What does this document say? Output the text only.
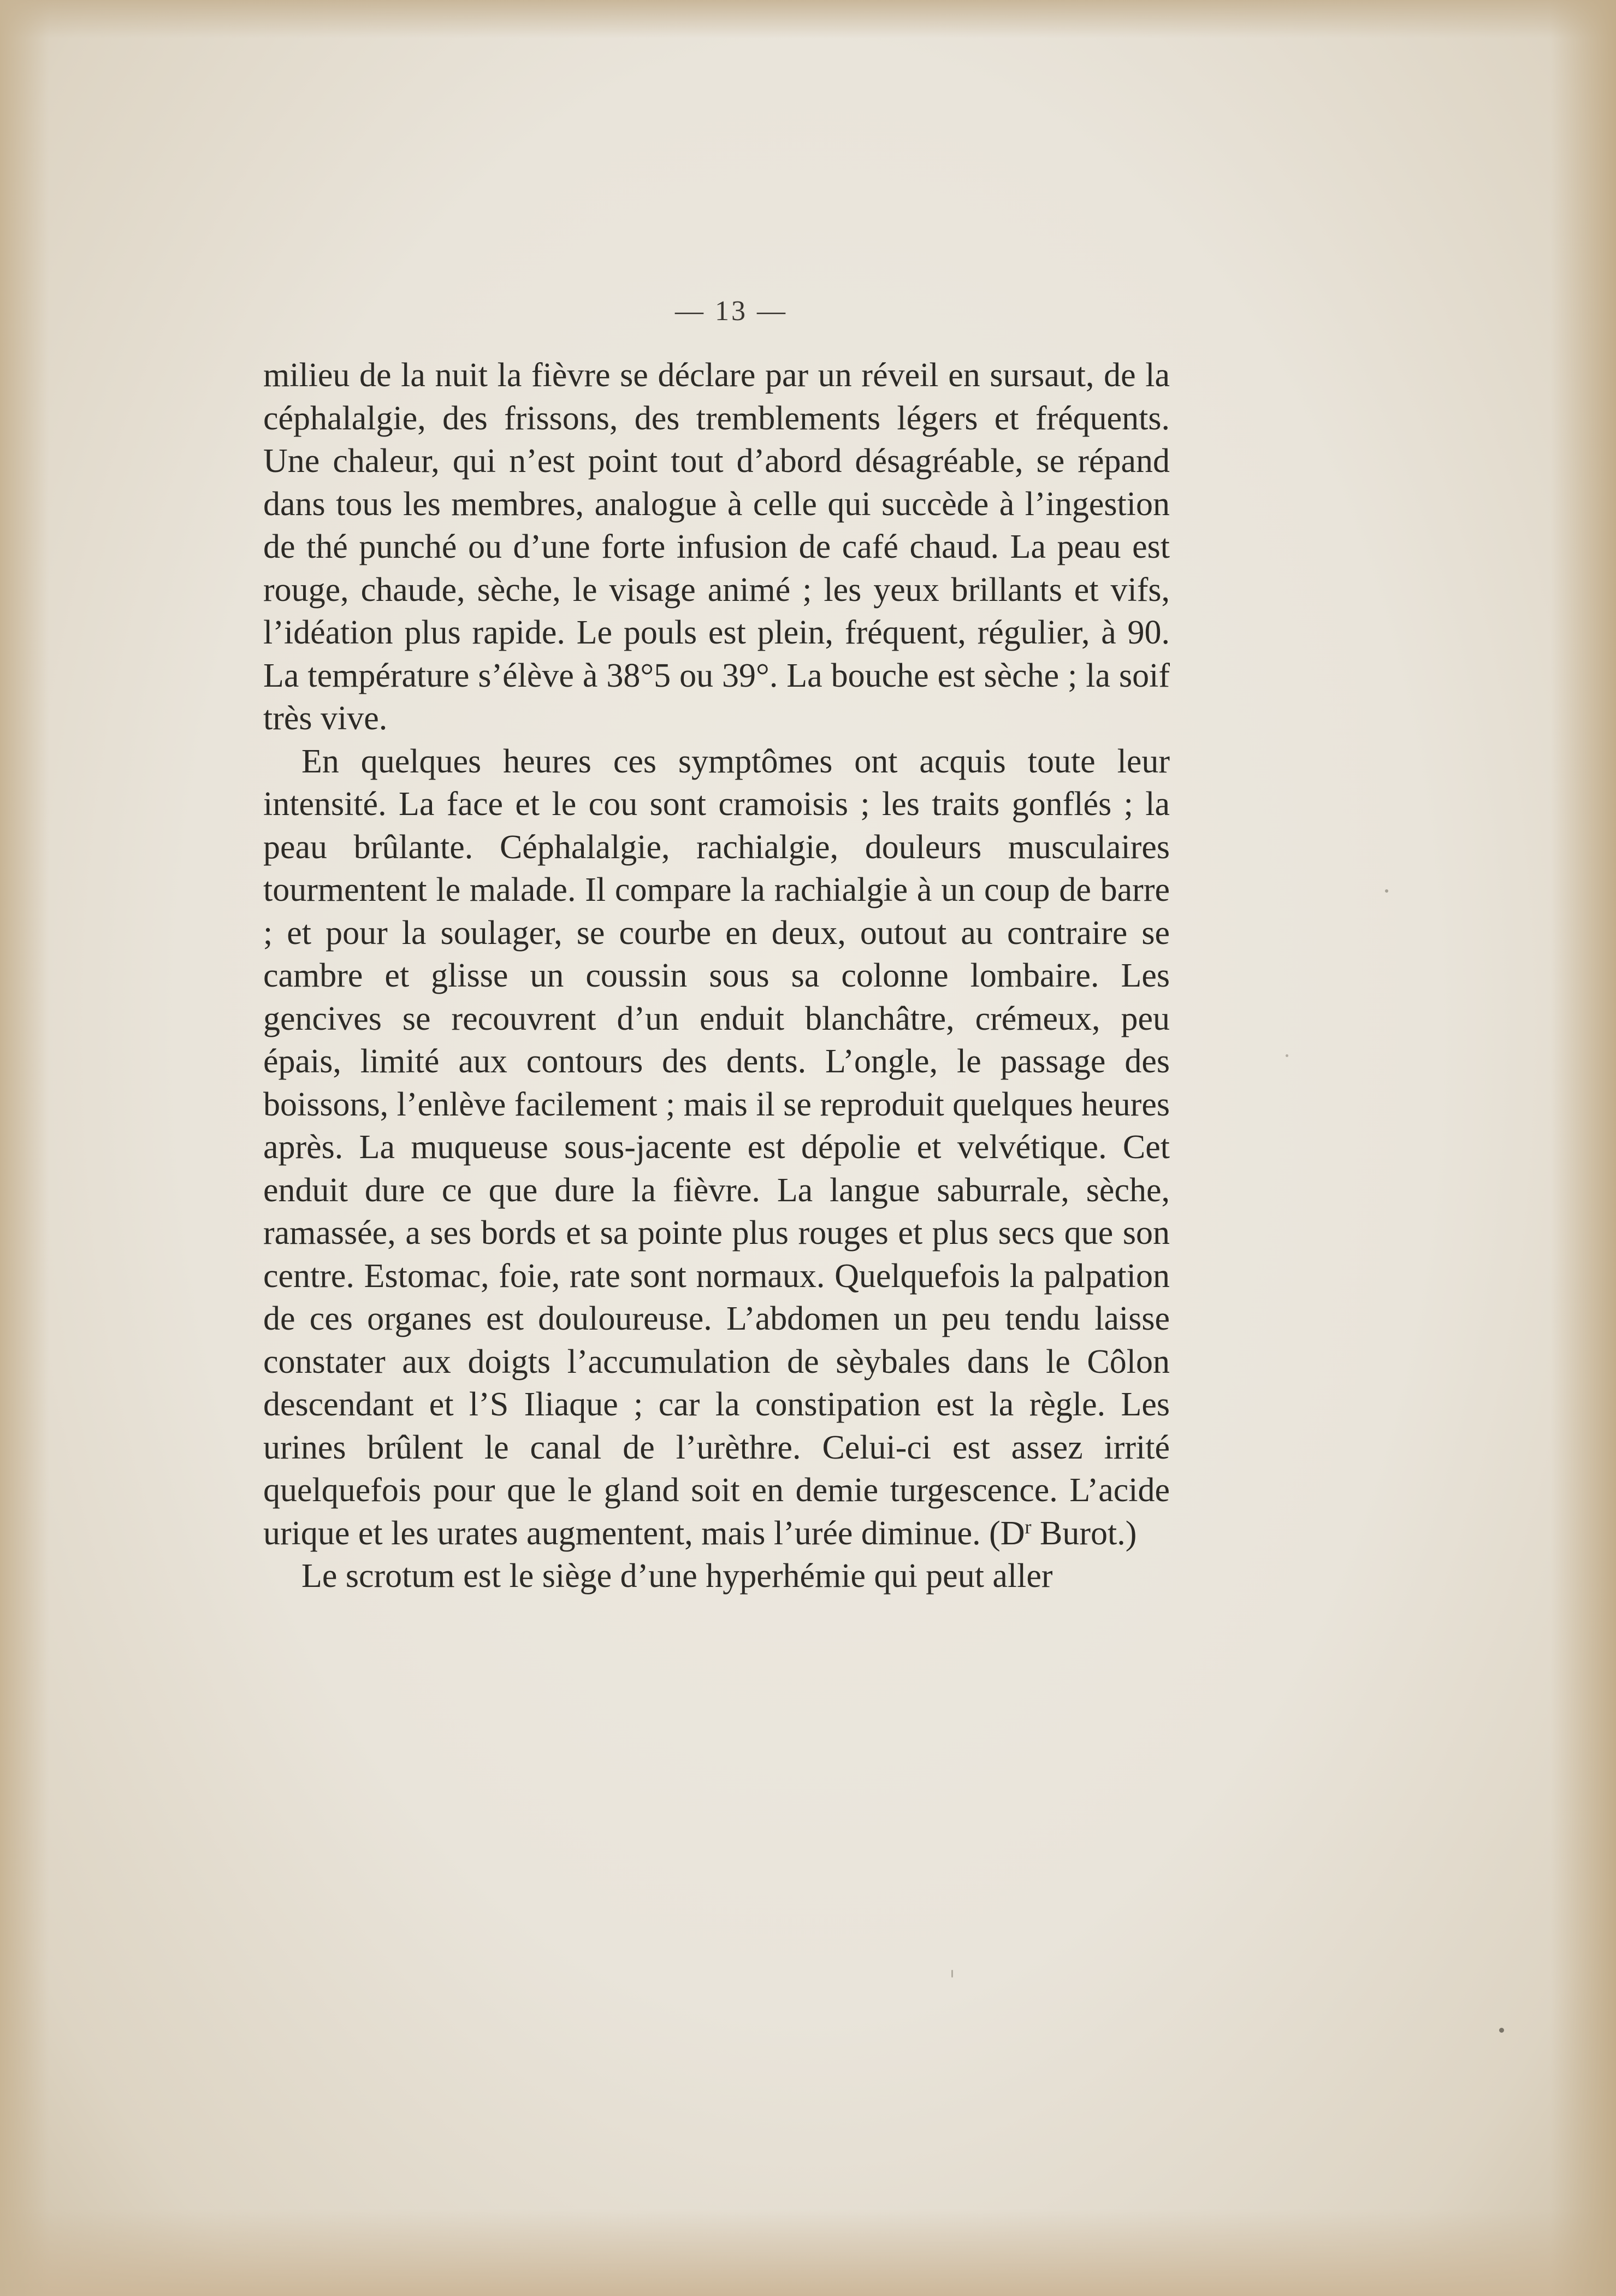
— 13 —

milieu de la nuit la fièvre se déclare par un réveil en sursaut, de la céphalalgie, des frissons, des tremblements légers et fréquents. Une chaleur, qui n’est point tout d’abord désagréable, se répand dans tous les membres, analogue à celle qui succède à l’ingestion de thé punché ou d’une forte infusion de café chaud. La peau est rouge, chaude, sèche, le visage animé ; les yeux brillants et vifs, l’idéation plus rapide. Le pouls est plein, fréquent, régulier, à 90. La température s’élève à 38°5 ou 39°. La bouche est sèche ; la soif très vive.

En quelques heures ces symptômes ont acquis toute leur intensité. La face et le cou sont cramoisis ; les traits gonflés ; la peau brûlante. Céphalalgie, rachialgie, douleurs musculaires tourmentent le malade. Il compare la rachialgie à un coup de barre ; et pour la soulager, se courbe en deux, outout au contraire se cambre et glisse un coussin sous sa colonne lombaire. Les gencives se recouvrent d’un enduit blanchâtre, crémeux, peu épais, limité aux contours des dents. L’ongle, le passage des boissons, l’enlève facilement ; mais il se reproduit quelques heures après. La muqueuse sous-jacente est dépolie et velvétique. Cet enduit dure ce que dure la fièvre. La langue saburrale, sèche, ramassée, a ses bords et sa pointe plus rouges et plus secs que son centre. Estomac, foie, rate sont normaux. Quelquefois la palpation de ces organes est douloureuse. L’abdomen un peu tendu laisse constater aux doigts l’accumulation de sèybales dans le Côlon descendant et l’S Iliaque ; car la constipation est la règle. Les urines brûlent le canal de l’urèthre. Celui-ci est assez irrité quelquefois pour que le gland soit en demie turgescence. L’acide urique et les urates augmentent, mais l’urée diminue. ($D^r$ Burot.)

Le scrotum est le siège d’une hyperhémie qui peut aller
